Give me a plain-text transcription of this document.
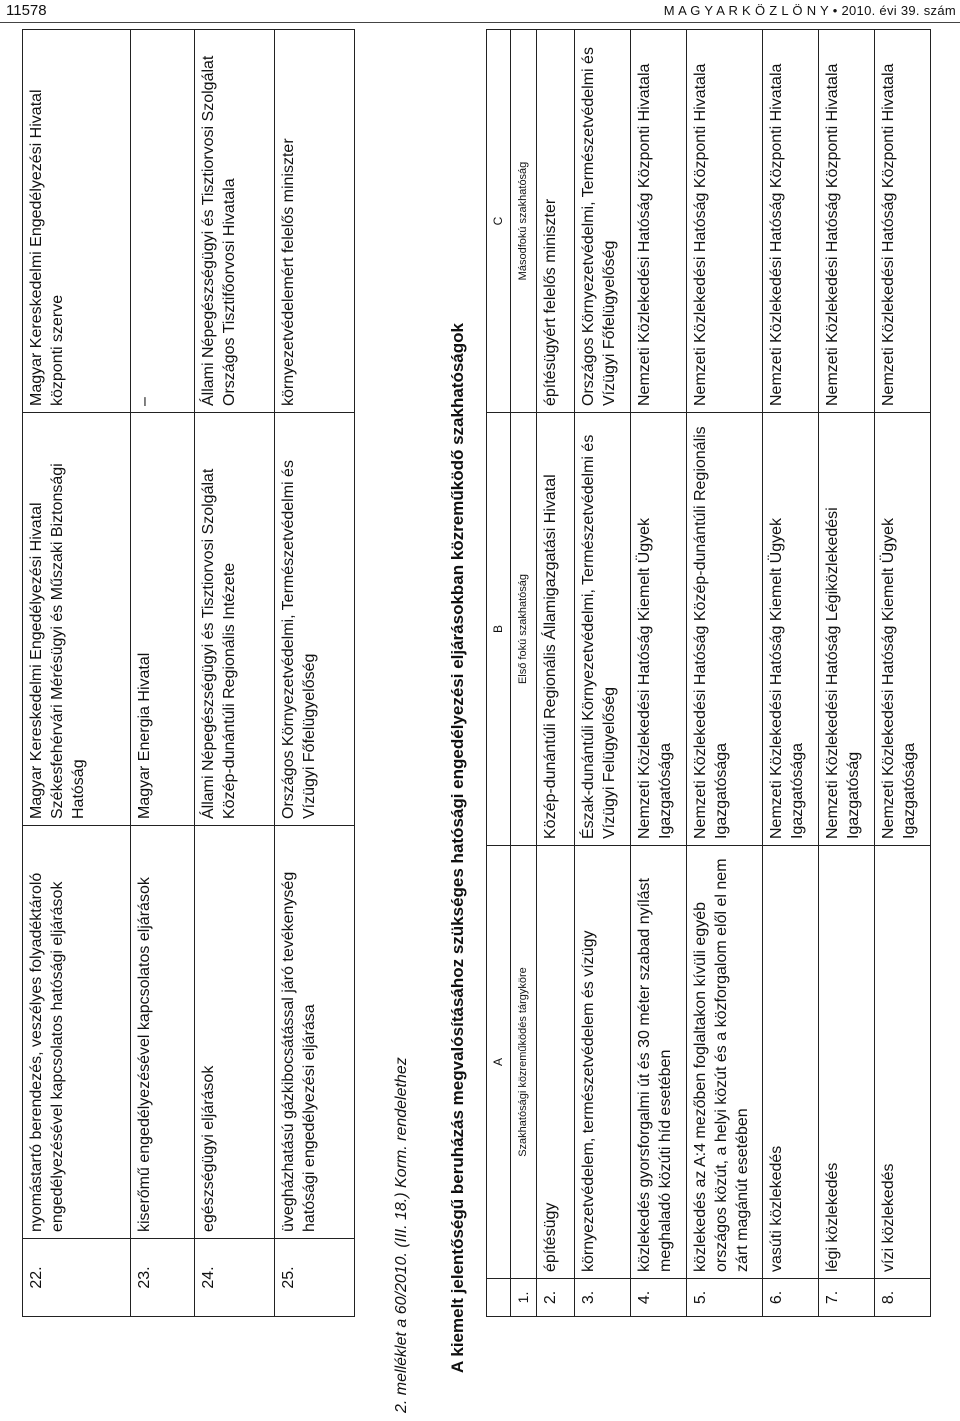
11578	M A G Y A R K Ö Z L Ö N Y • 2010. évi 39. szám
22.	nyomástartó berendezés, veszélyes folyadéktároló engedélyezésével kapcsolatos hatósági eljárások	Magyar Kereskedelmi Engedélyezési Hivatal Székesfehérvári Mérésügyi és Műszaki Biztonsági Hatóság	Magyar Kereskedelmi Engedélyezési Hivatal központi szerve
23.	kiserőmű engedélyezésével kapcsolatos eljárások	Magyar Energia Hivatal	–
24.	egészségügyi eljárások	Állami Népegészségügyi és Tisztiorvosi Szolgálat Közép-dunántúli Regionális Intézete	Állami Népegészségügyi és Tisztiorvosi Szolgálat Országos Tisztifőorvosi Hivatala
25.	üvegházhatású gázkibocsátással járó tevékenység hatósági engedélyezési eljárása	Országos Környezetvédelmi, Természetvédelmi és Vízügyi Főfelügyelőség	környezetvédelemért felelős miniszter
2. melléklet a 60/2010. (III. 18.) Korm. rendelethez A kiemelt jelentőségű beruházás megvalósításához szükséges hatósági engedélyezési eljárásokban közreműködő szakhatóságok
	A	B	C
1.	Szakhatósági közreműködés tárgyköre	Első fokú szakhatóság	Másodfokú szakhatóság
2.	építésügy	Közép-dunántúli Regionális Államigazgatási Hivatal	építésügyért felelős miniszter
3.	környezetvédelem, természetvédelem és vízügy	Észak-dunántúli Környezetvédelmi, Természetvédelmi és Vízügyi Felügyelőség	Országos Környezetvédelmi, Természetvédelmi és Vízügyi Főfelügyelőség
4.	közlekedés gyorsforgalmi út és 30 méter szabad nyílást meghaladó közúti híd esetében	Nemzeti Közlekedési Hatóság Kiemelt Ügyek Igazgatósága	Nemzeti Közlekedési Hatóság Központi Hivatala
5.	közlekedés az A:4 mezőben foglaltakon kívüli egyéb országos közút, a helyi közút és a közforgalom elől el nem zárt magánút esetében	Nemzeti Közlekedési Hatóság Közép-dunántúli Regionális Igazgatósága	Nemzeti Közlekedési Hatóság Központi Hivatala
6.	vasúti közlekedés	Nemzeti Közlekedési Hatóság Kiemelt Ügyek Igazgatósága	Nemzeti Közlekedési Hatóság Központi Hivatala
7.	légi közlekedés	Nemzeti Közlekedési Hatóság Légiközlekedési Igazgatóság	Nemzeti Közlekedési Hatóság Központi Hivatala
8.	vízi közlekedés	Nemzeti Közlekedési Hatóság Kiemelt Ügyek Igazgatósága	Nemzeti Közlekedési Hatóság Központi Hivatala
